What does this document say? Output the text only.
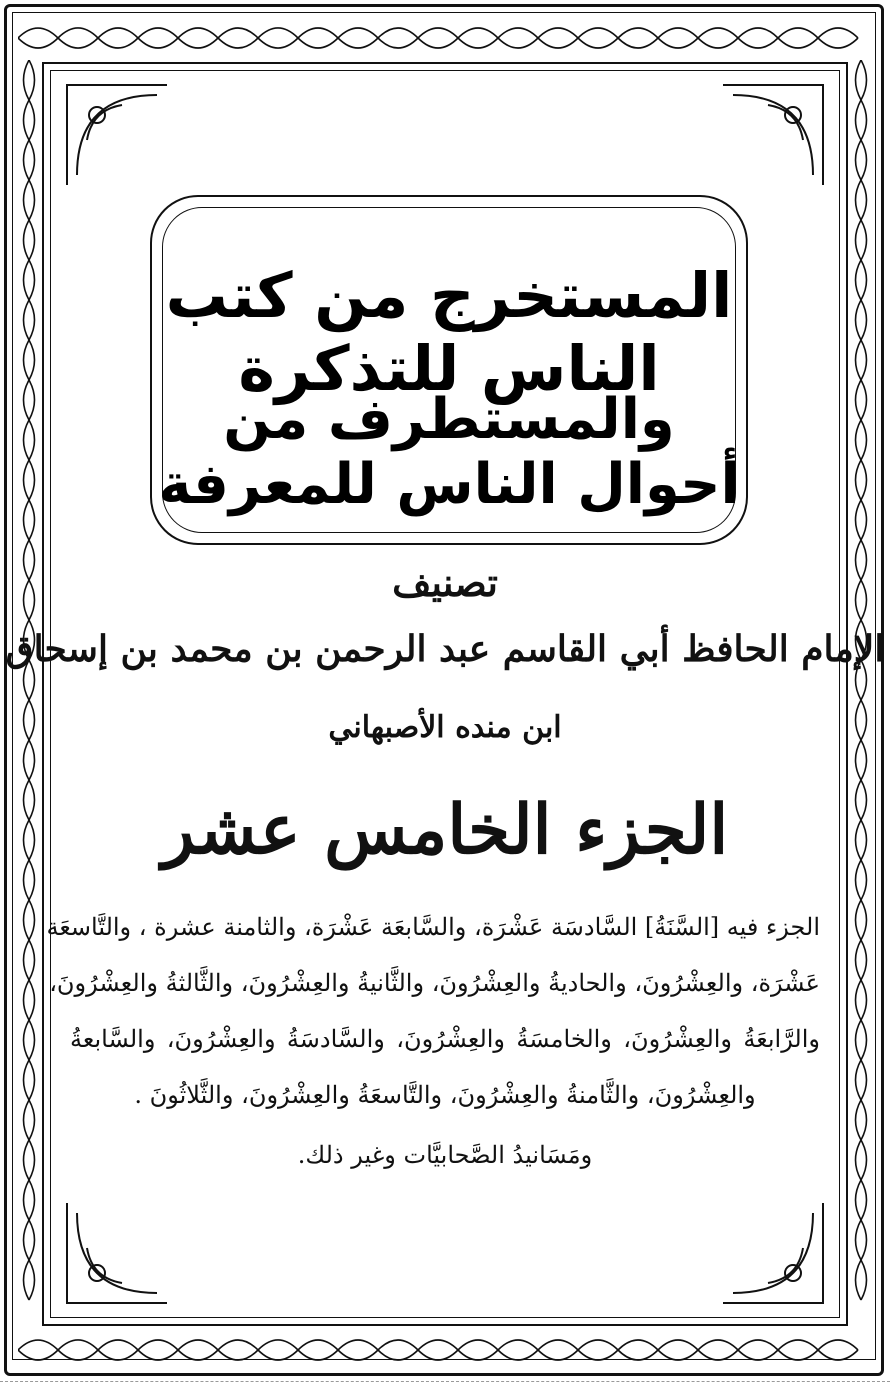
المستخرج من كتب الناس للتذكرة
والمستطرف من أحوال الناس للمعرفة
تصنيف
الإمام الحافظ أبي القاسم عبد الرحمن بن محمد بن إسحاق
ابن منده الأصبهاني
الجزء الخامس عشر
الجزء فيه [السَّنَةُ] السَّادسَة عَشْرَة، والسَّابعَة عَشْرَة، والثامنة عشرة ، والتَّاسعَة
عَشْرَة، والعِشْرُونَ، والحاديةُ والعِشْرُونَ، والثَّانيةُ والعِشْرُونَ، والثَّالثةُ والعِشْرُونَ،
والرَّابعَةُ والعِشْرُونَ، والخامسَةُ والعِشْرُونَ، والسَّادسَةُ والعِشْرُونَ، والسَّابعةُ
والعِشْرُونَ، والثَّامنةُ والعِشْرُونَ، والتَّاسعَةُ والعِشْرُونَ، والثَّلاثُونَ .
ومَسَانيدُ الصَّحابيَّات وغير ذلك.
